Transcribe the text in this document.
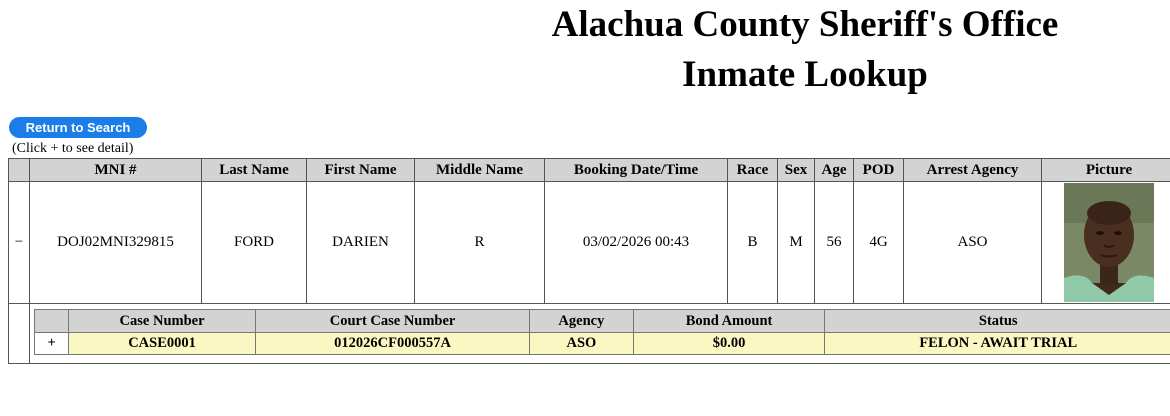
Alachua County Sheriff's Office
Inmate Lookup
Return to Search
(Click + to see detail)
	MNI #	Last Name	First Name	Middle Name	Booking Date/Time	Race	Sex	Age	POD	Arrest Agency	Picture
−	DOJ02MNI329815	FORD	DARIEN	R	03/02/2026 00:43	B	M	56	4G	ASO	

	Case Number	Court Case Number	Agency	Bond Amount	Status
+	CASE0001	012026CF000557A	ASO	$0.00	FELON - AWAIT TRIAL
